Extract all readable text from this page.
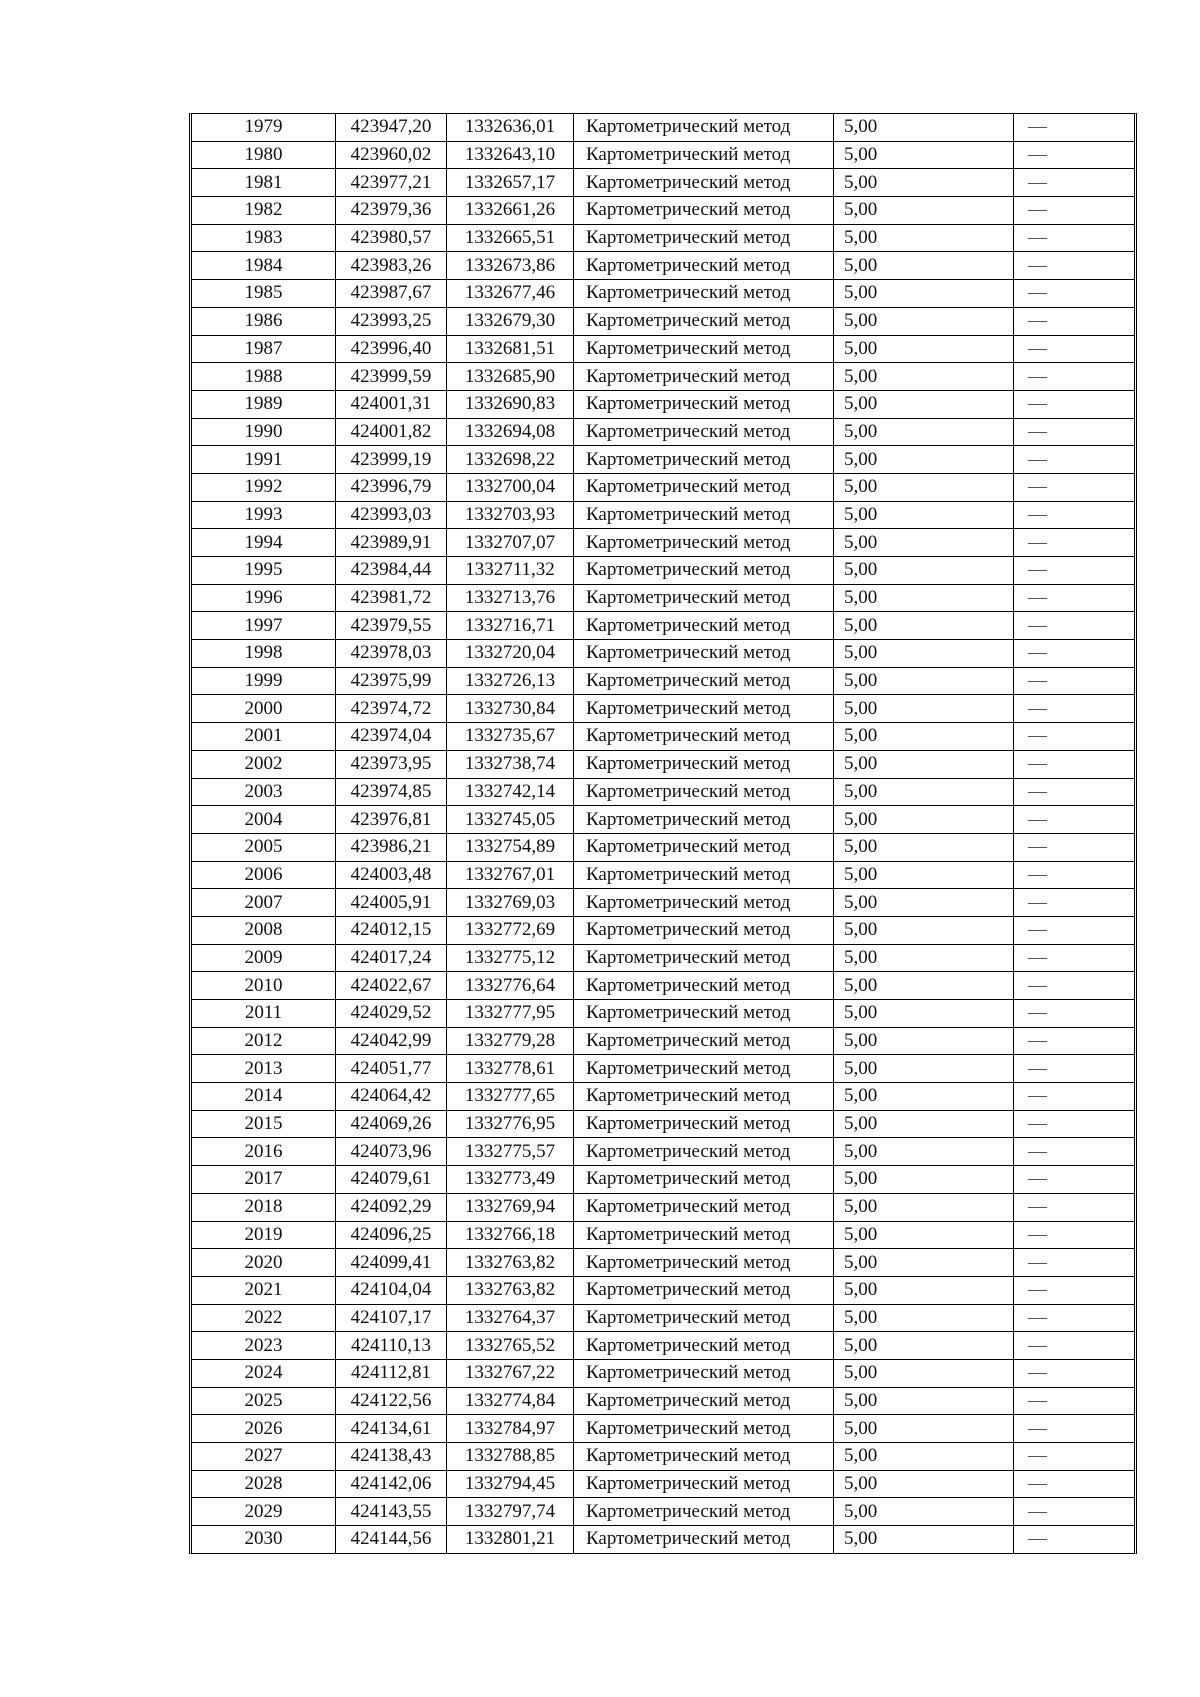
1979	423947,20	1332636,01	Картометрический метод	5,00	—
1980	423960,02	1332643,10	Картометрический метод	5,00	—
1981	423977,21	1332657,17	Картометрический метод	5,00	—
1982	423979,36	1332661,26	Картометрический метод	5,00	—
1983	423980,57	1332665,51	Картометрический метод	5,00	—
1984	423983,26	1332673,86	Картометрический метод	5,00	—
1985	423987,67	1332677,46	Картометрический метод	5,00	—
1986	423993,25	1332679,30	Картометрический метод	5,00	—
1987	423996,40	1332681,51	Картометрический метод	5,00	—
1988	423999,59	1332685,90	Картометрический метод	5,00	—
1989	424001,31	1332690,83	Картометрический метод	5,00	—
1990	424001,82	1332694,08	Картометрический метод	5,00	—
1991	423999,19	1332698,22	Картометрический метод	5,00	—
1992	423996,79	1332700,04	Картометрический метод	5,00	—
1993	423993,03	1332703,93	Картометрический метод	5,00	—
1994	423989,91	1332707,07	Картометрический метод	5,00	—
1995	423984,44	1332711,32	Картометрический метод	5,00	—
1996	423981,72	1332713,76	Картометрический метод	5,00	—
1997	423979,55	1332716,71	Картометрический метод	5,00	—
1998	423978,03	1332720,04	Картометрический метод	5,00	—
1999	423975,99	1332726,13	Картометрический метод	5,00	—
2000	423974,72	1332730,84	Картометрический метод	5,00	—
2001	423974,04	1332735,67	Картометрический метод	5,00	—
2002	423973,95	1332738,74	Картометрический метод	5,00	—
2003	423974,85	1332742,14	Картометрический метод	5,00	—
2004	423976,81	1332745,05	Картометрический метод	5,00	—
2005	423986,21	1332754,89	Картометрический метод	5,00	—
2006	424003,48	1332767,01	Картометрический метод	5,00	—
2007	424005,91	1332769,03	Картометрический метод	5,00	—
2008	424012,15	1332772,69	Картометрический метод	5,00	—
2009	424017,24	1332775,12	Картометрический метод	5,00	—
2010	424022,67	1332776,64	Картометрический метод	5,00	—
2011	424029,52	1332777,95	Картометрический метод	5,00	—
2012	424042,99	1332779,28	Картометрический метод	5,00	—
2013	424051,77	1332778,61	Картометрический метод	5,00	—
2014	424064,42	1332777,65	Картометрический метод	5,00	—
2015	424069,26	1332776,95	Картометрический метод	5,00	—
2016	424073,96	1332775,57	Картометрический метод	5,00	—
2017	424079,61	1332773,49	Картометрический метод	5,00	—
2018	424092,29	1332769,94	Картометрический метод	5,00	—
2019	424096,25	1332766,18	Картометрический метод	5,00	—
2020	424099,41	1332763,82	Картометрический метод	5,00	—
2021	424104,04	1332763,82	Картометрический метод	5,00	—
2022	424107,17	1332764,37	Картометрический метод	5,00	—
2023	424110,13	1332765,52	Картометрический метод	5,00	—
2024	424112,81	1332767,22	Картометрический метод	5,00	—
2025	424122,56	1332774,84	Картометрический метод	5,00	—
2026	424134,61	1332784,97	Картометрический метод	5,00	—
2027	424138,43	1332788,85	Картометрический метод	5,00	—
2028	424142,06	1332794,45	Картометрический метод	5,00	—
2029	424143,55	1332797,74	Картометрический метод	5,00	—
2030	424144,56	1332801,21	Картометрический метод	5,00	—
